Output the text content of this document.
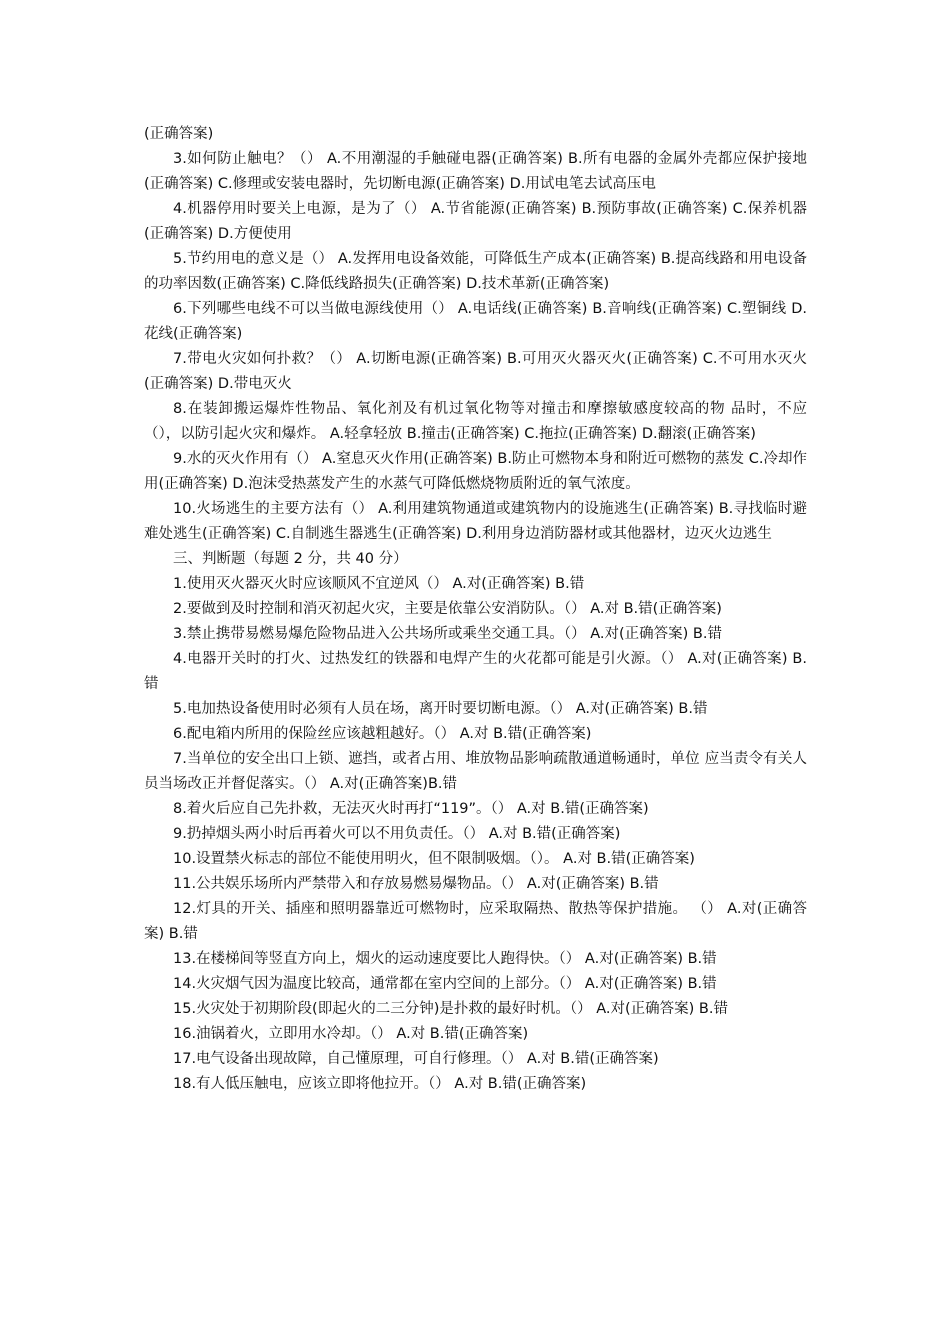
(正确答案)

3.如何防止触电？（） A.不用潮湿的手触碰电器(正确答案) B.所有电器的金属外壳都应保护接地(正确答案) C.修理或安装电器时，先切断电源(正确答案) D.用试电笔去试高压电

4.机器停用时要关上电源，是为了（） A.节省能源(正确答案) B.预防事故(正确答案) C.保养机器(正确答案) D.方便使用

5.节约用电的意义是（） A.发挥用电设备效能，可降低生产成本(正确答案) B.提高线路和用电设备的功率因数(正确答案) C.降低线路损失(正确答案) D.技术革新(正确答案)

6.下列哪些电线不可以当做电源线使用（） A.电话线(正确答案) B.音响线(正确答案) C.塑铜线 D.花线(正确答案)

7.带电火灾如何扑救？（） A.切断电源(正确答案) B.可用灭火器灭火(正确答案) C.不可用水灭火(正确答案) D.带电灭火

8.在装卸搬运爆炸性物品、氧化剂及有机过氧化物等对撞击和摩擦敏感度较高的物 品时，不应（），以防引起火灾和爆炸。 A.轻拿轻放 B.撞击(正确答案) C.拖拉(正确答案) D.翻滚(正确答案)

9.水的灭火作用有（） A.窒息灭火作用(正确答案) B.防止可燃物本身和附近可燃物的蒸发 C.冷却作用(正确答案) D.泡沫受热蒸发产生的水蒸气可降低燃烧物质附近的氧气浓度。

10.火场逃生的主要方法有（） A.利用建筑物通道或建筑物内的设施逃生(正确答案) B.寻找临时避难处逃生(正确答案) C.自制逃生器逃生(正确答案) D.利用身边消防器材或其他器材，边灭火边逃生

三、判断题（每题 2 分，共 40 分）

1.使用灭火器灭火时应该顺风不宜逆风（） A.对(正确答案) B.错

2.要做到及时控制和消灭初起火灾，主要是依靠公安消防队。（） A.对 B.错(正确答案)

3.禁止携带易燃易爆危险物品进入公共场所或乘坐交通工具。（） A.对(正确答案) B.错

4.电器开关时的打火、过热发红的铁器和电焊产生的火花都可能是引火源。（） A.对(正确答案) B.错

5.电加热设备使用时必须有人员在场，离开时要切断电源。（） A.对(正确答案) B.错

6.配电箱内所用的保险丝应该越粗越好。（） A.对 B.错(正确答案)

7.当单位的安全出口上锁、遮挡，或者占用、堆放物品影响疏散通道畅通时，单位 应当责令有关人员当场改正并督促落实。（） A.对(正确答案)B.错

8.着火后应自己先扑救，无法灭火时再打“119”。（） A.对 B.错(正确答案)

9.扔掉烟头两小时后再着火可以不用负责任。（） A.对 B.错(正确答案)

10.设置禁火标志的部位不能使用明火，但不限制吸烟。（）。 A.对 B.错(正确答案)

11.公共娱乐场所内严禁带入和存放易燃易爆物品。（） A.对(正确答案) B.错

12.灯具的开关、插座和照明器靠近可燃物时，应采取隔热、散热等保护措施。 （） A.对(正确答案) B.错

13.在楼梯间等竖直方向上，烟火的运动速度要比人跑得快。（） A.对(正确答案) B.错

14.火灾烟气因为温度比较高，通常都在室内空间的上部分。（） A.对(正确答案) B.错

15.火灾处于初期阶段(即起火的二三分钟)是扑救的最好时机。（） A.对(正确答案) B.错

16.油锅着火，立即用水冷却。（） A.对 B.错(正确答案)

17.电气设备出现故障，自己懂原理，可自行修理。（） A.对 B.错(正确答案)

18.有人低压触电，应该立即将他拉开。（） A.对 B.错(正确答案)
